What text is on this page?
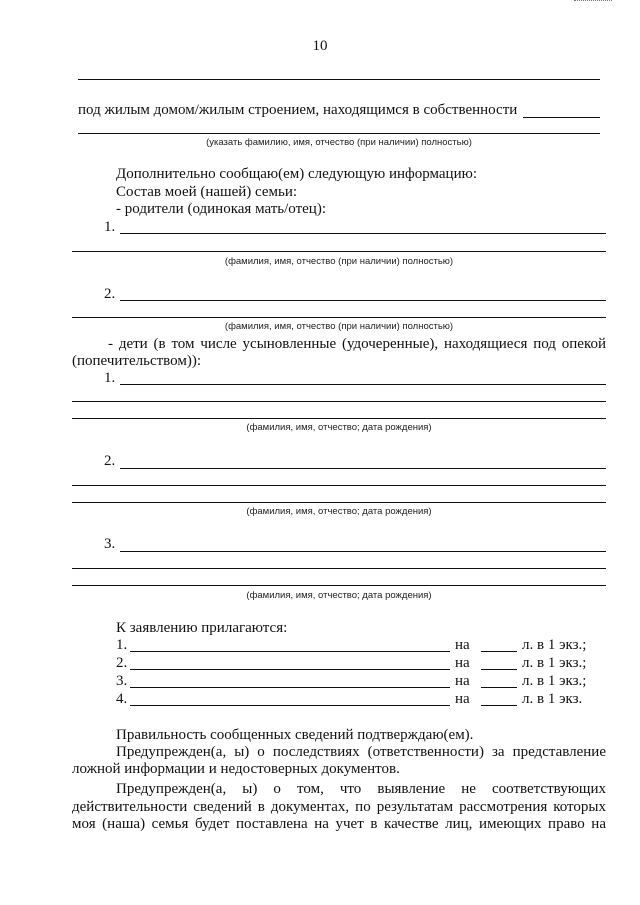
10
под жилым домом/жилым строением, находящимся в собственности
(указать фамилию, имя, отчество (при наличии) полностью)
Дополнительно сообщаю(ем) следующую информацию:
Состав моей (нашей) семьи:
- родители (одинокая мать/отец):
1.
(фамилия, имя, отчество (при наличии) полностью)
2.
(фамилия, имя, отчество (при наличии) полностью)
- дети (в том числе усыновленные (удочеренные), находящиеся под опекой
(попечительством)):
1.
(фамилия, имя, отчество; дата рождения)
2.
(фамилия, имя, отчество; дата рождения)
3.
(фамилия, имя, отчество; дата рождения)
К заявлению прилагаются:
1.	на	л. в 1 экз.;
2.	на	л. в 1 экз.;
3.	на	л. в 1 экз.;
4.	на	л. в 1 экз.
Правильность сообщенных сведений подтверждаю(ем).
Предупрежден(а, ы) о последствиях (ответственности) за представление
ложной информации и недостоверных документов.
Предупрежден(а, ы) о том, что выявление не соответствующих
действительности сведений в документах, по результатам рассмотрения которых
моя (наша) семья будет поставлена на учет в качестве лиц, имеющих право на
